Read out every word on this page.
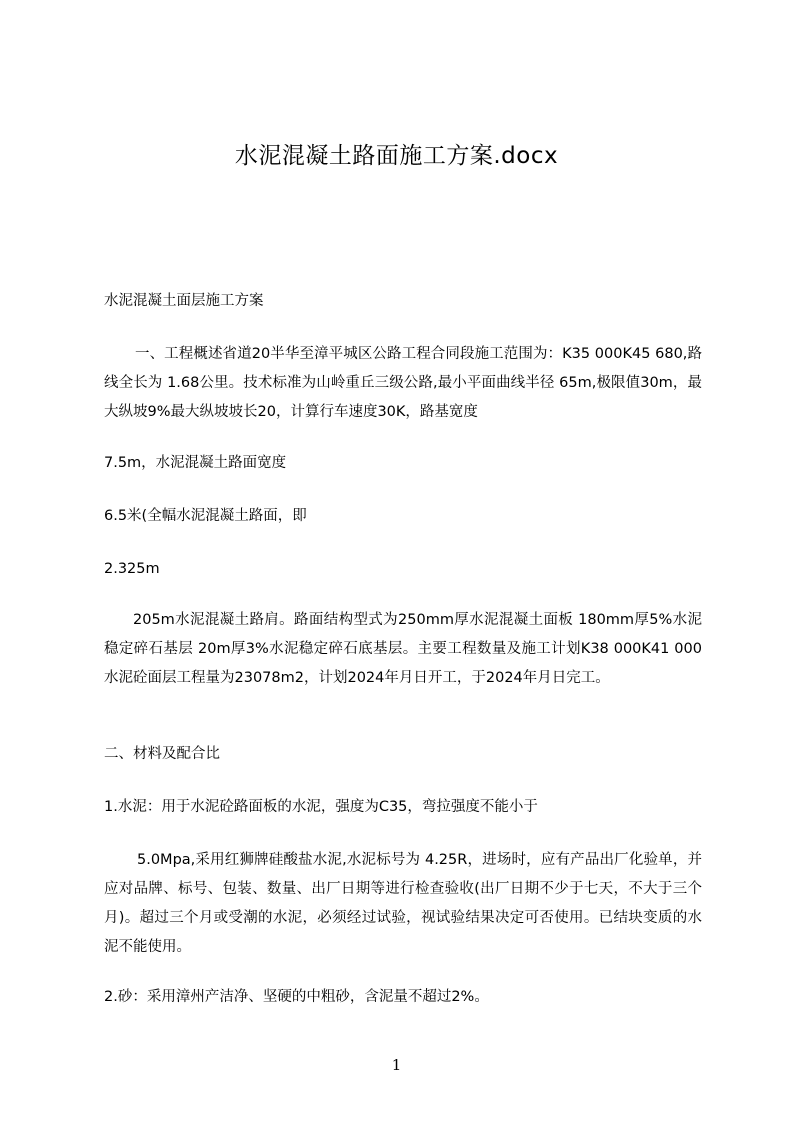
水泥混凝土路面施工方案.docx
水泥混凝土面层施工方案
一、工程概述省道20半华至漳平城区公路工程合同段施工范围为：K35 000K45 680,路线全长为 1.68公里。技术标准为山岭重丘三级公路,最小平面曲线半径 65m,极限值30m，最大纵坡9%最大纵坡坡长20，计算行车速度30K，路基宽度
7.5m，水泥混凝土路面宽度
6.5米(全幅水泥混凝土路面，即
2.325m
205m水泥混凝土路肩。路面结构型式为250mm厚水泥混凝土面板 180mm厚5%水泥稳定碎石基层 20m厚3%水泥稳定碎石底基层。主要工程数量及施工计划K38 000K41 000水泥砼面层工程量为23078m2，计划2024年月日开工，于2024年月日完工。
二、材料及配合比
1.水泥：用于水泥砼路面板的水泥，强度为C35，弯拉强度不能小于
5.0Mpa,采用红狮牌硅酸盐水泥,水泥标号为 4.25R，进场时，应有产品出厂化验单，并应对品牌、标号、包装、数量、出厂日期等进行检查验收(出厂日期不少于七天，不大于三个月)。超过三个月或受潮的水泥，必须经过试验，视试验结果决定可否使用。已结块变质的水泥不能使用。
2.砂：采用漳州产洁净、坚硬的中粗砂，含泥量不超过2%。
1
